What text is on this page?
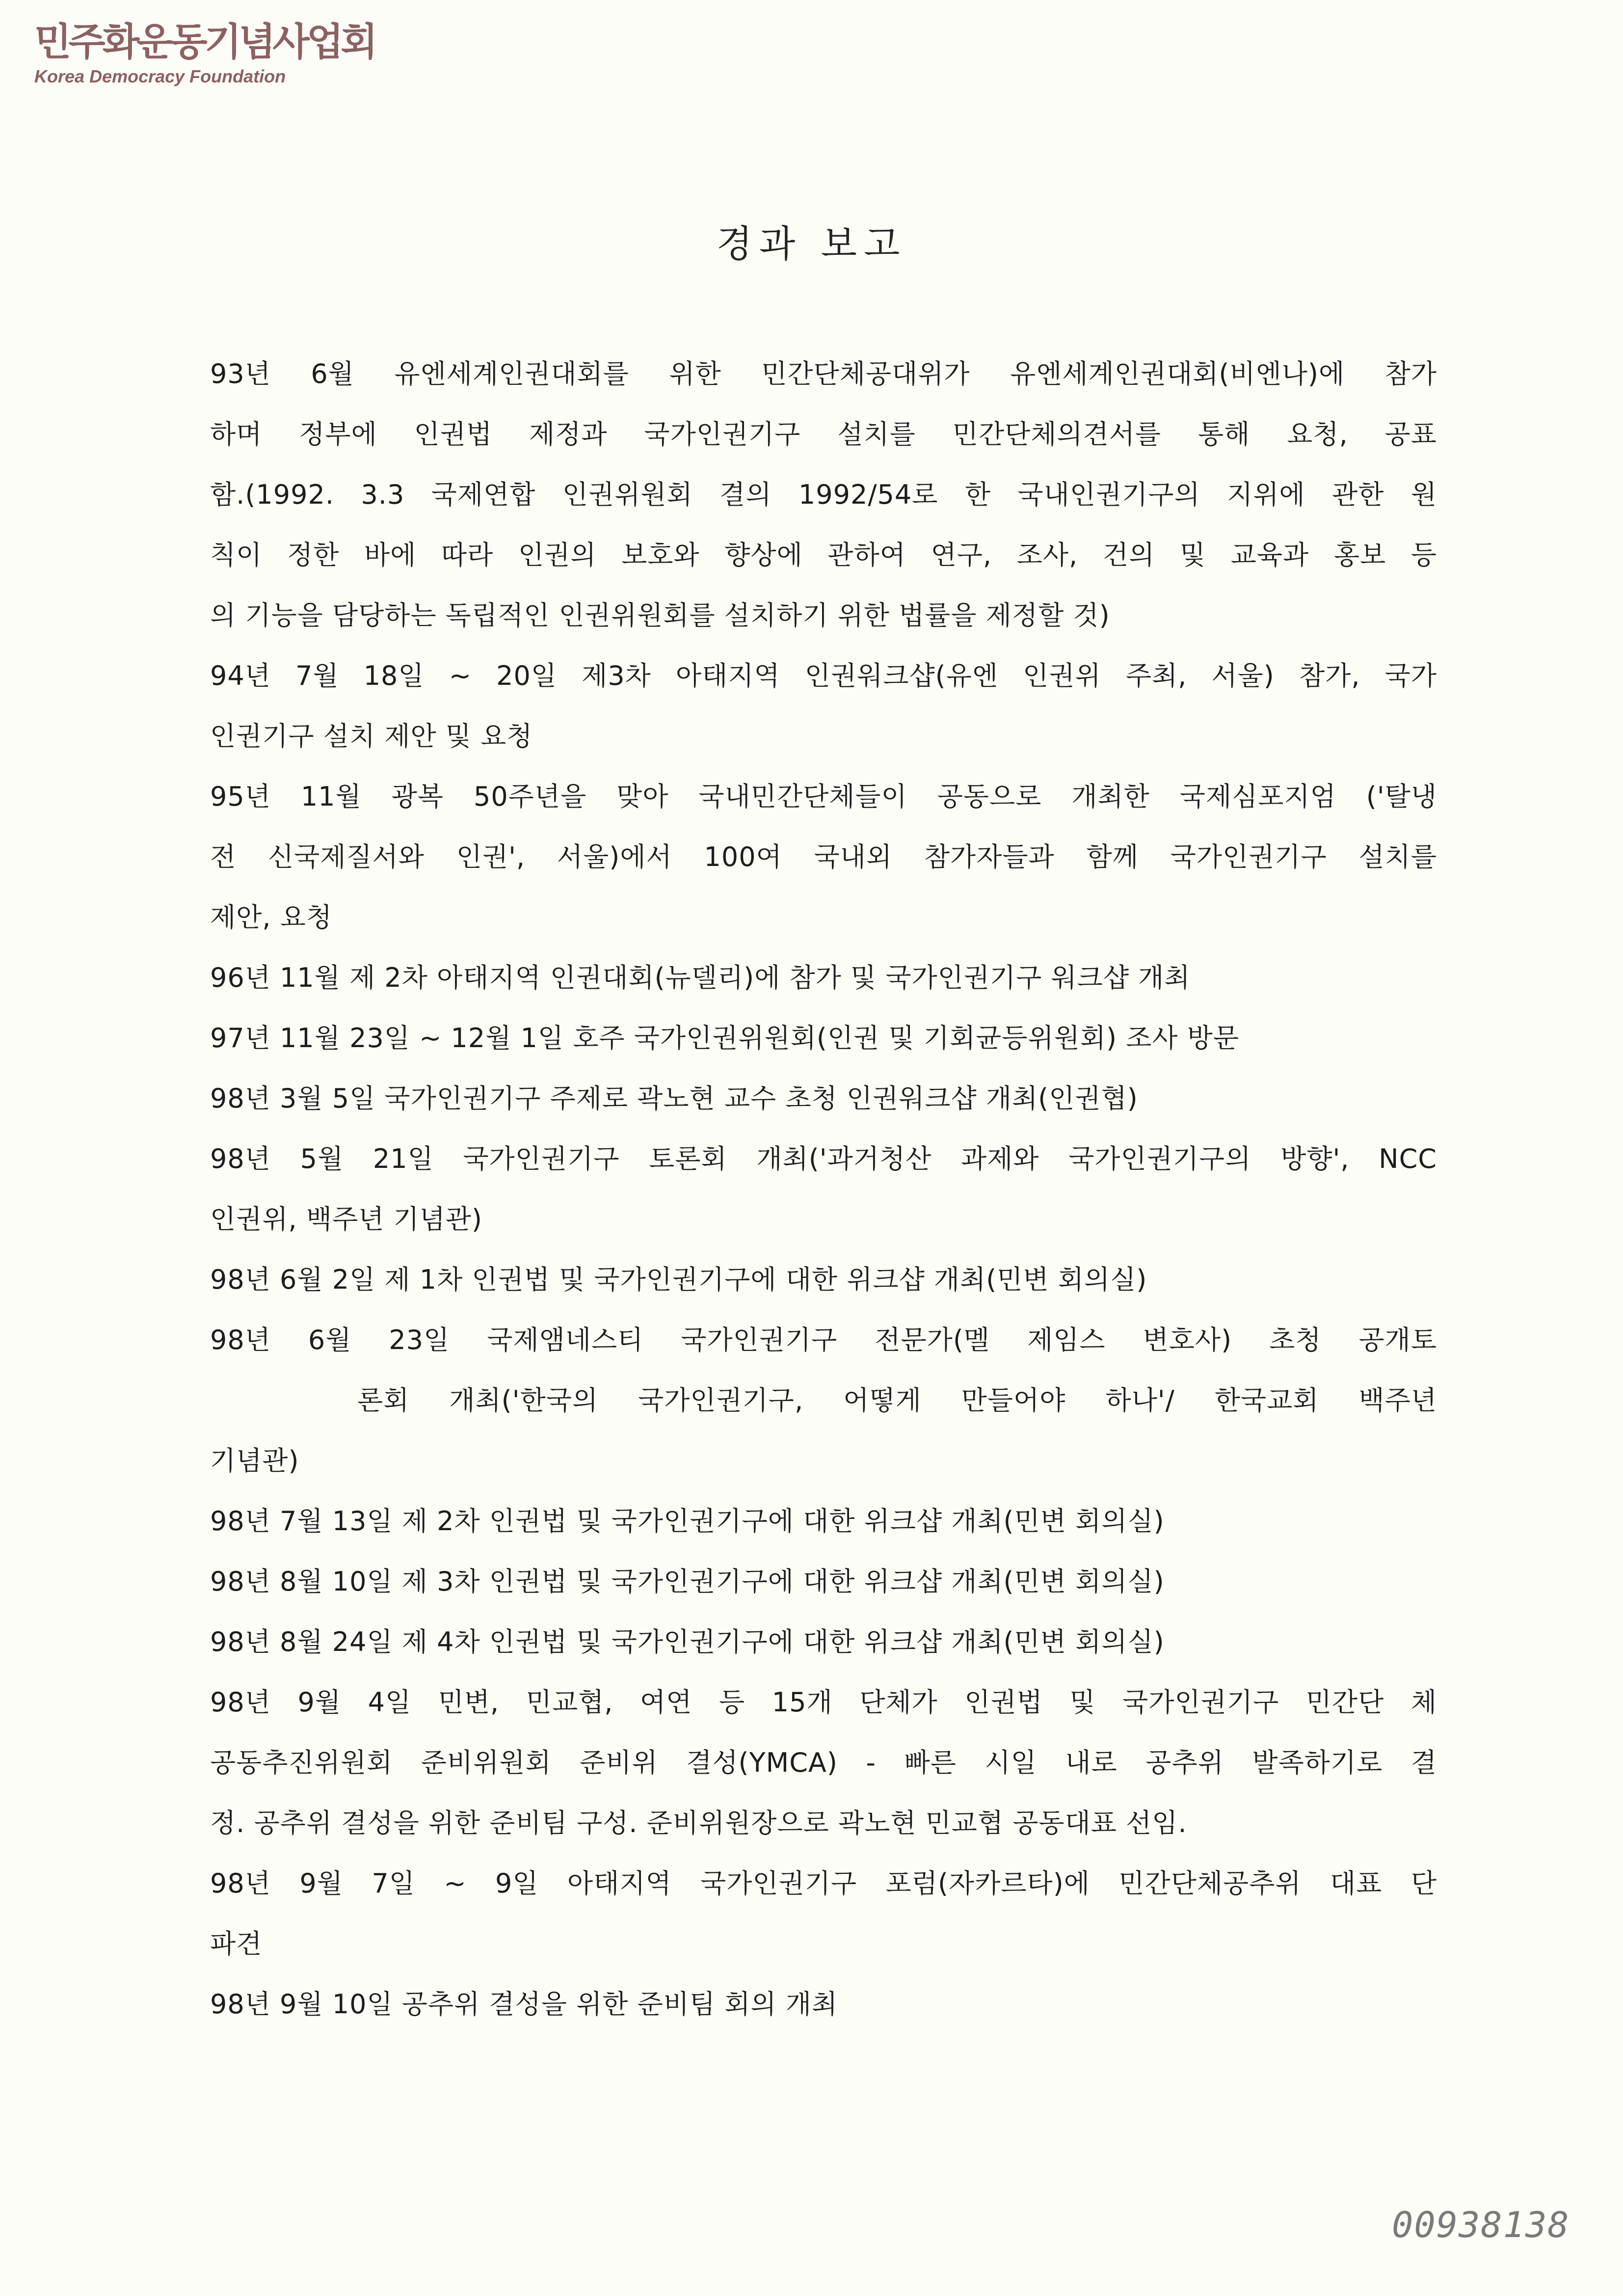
민주화운동기념사업회
Korea Democracy Foundation
경과 보고
93년 6월 유엔세계인권대회를 위한 민간단체공대위가 유엔세계인권대회(비엔나)에 참가
하며 정부에 인권법 제정과 국가인권기구 설치를 민간단체의견서를 통해 요청, 공표
함.(1992. 3.3 국제연합 인권위원회 결의 1992/54로 한 국내인권기구의 지위에 관한 원
칙이 정한 바에 따라 인권의 보호와 향상에 관하여 연구, 조사, 건의 및 교육과 홍보 등
의 기능을 담당하는 독립적인 인권위원회를 설치하기 위한 법률을 제정할 것)
94년 7월 18일 ~ 20일 제3차 아태지역 인권워크샵(유엔 인권위 주최, 서울) 참가, 국가
인권기구 설치 제안 및 요청
95년 11월 광복 50주년을 맞아 국내민간단체들이 공동으로 개최한 국제심포지엄 ('탈냉
전 신국제질서와 인권', 서울)에서 100여 국내외 참가자들과 함께 국가인권기구 설치를
제안, 요청
96년 11월 제 2차 아태지역 인권대회(뉴델리)에 참가 및 국가인권기구 워크샵 개최
97년 11월 23일 ~ 12월 1일 호주 국가인권위원회(인권 및 기회균등위원회) 조사 방문
98년 3월 5일 국가인권기구 주제로 곽노현 교수 초청 인권워크샵 개최(인권협)
98년 5월 21일 국가인권기구 토론회 개최('과거청산 과제와 국가인권기구의 방향', NCC
인권위, 백주년 기념관)
98년 6월 2일 제 1차 인권법 및 국가인권기구에 대한 위크샵 개최(민변 회의실)
98년 6월 23일 국제앰네스티 국가인권기구 전문가(멜 제임스 변호사) 초청 공개토
론회 개최('한국의 국가인권기구, 어떻게 만들어야 하나'/ 한국교회 백주년
기념관)
98년 7월 13일 제 2차 인권법 및 국가인권기구에 대한 위크샵 개최(민변 회의실)
98년 8월 10일 제 3차 인권법 및 국가인권기구에 대한 위크샵 개최(민변 회의실)
98년 8월 24일 제 4차 인권법 및 국가인권기구에 대한 위크샵 개최(민변 회의실)
98년 9월 4일 민변, 민교협, 여연 등 15개 단체가 인권법 및 국가인권기구 민간단 체
공동추진위원회 준비위원회 준비위 결성(YMCA) - 빠른 시일 내로 공추위 발족하기로 결
정. 공추위 결성을 위한 준비팀 구성. 준비위원장으로 곽노현 민교협 공동대표 선임.
98년 9월 7일 ~ 9일 아태지역 국가인권기구 포럼(자카르타)에 민간단체공추위 대표 단
파견
98년 9월 10일 공추위 결성을 위한 준비팀 회의 개최
00938138
